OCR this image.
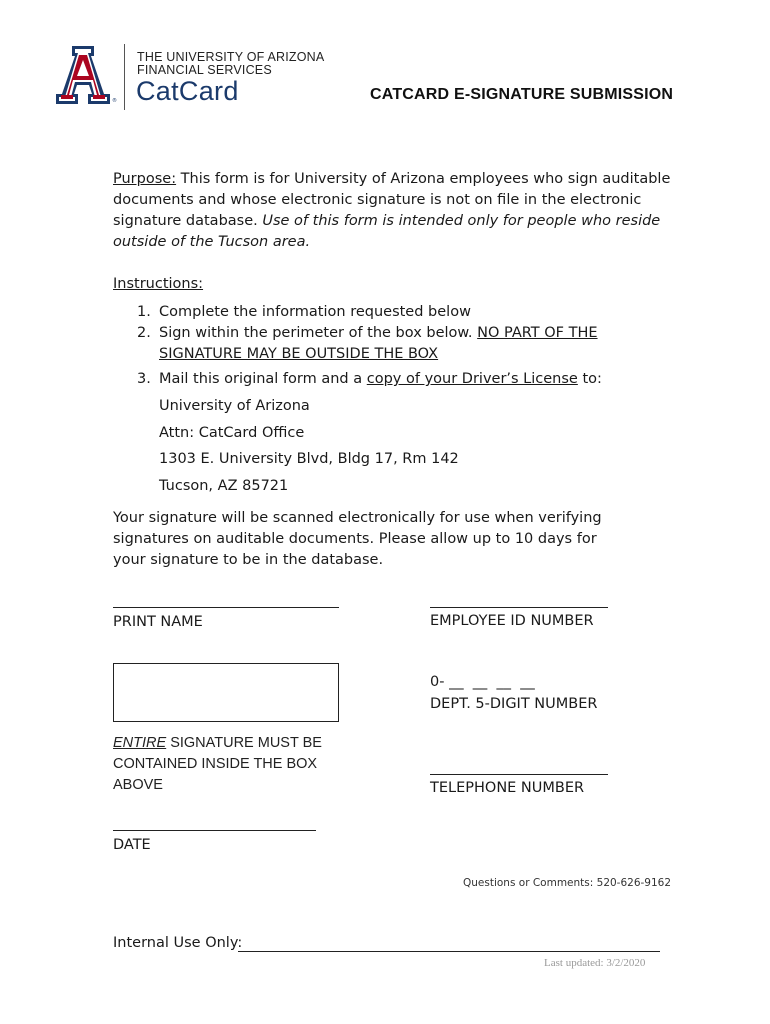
®
THE UNIVERSITY OF ARIZONA
FINANCIAL SERVICES
CatCard	CATCARD E-SIGNATURE SUBMISSION
Purpose: This form is for University of Arizona employees who sign auditable documents and whose electronic signature is not on file in the electronic signature database. Use of this form is intended only for people who reside outside of the Tucson area.
Instructions:
1. Complete the information requested below
2. Sign within the perimeter of the box below. NO PART OF THE SIGNATURE MAY BE OUTSIDE THE BOX
3. Mail this original form and a copy of your Driver’s License to:
University of Arizona
Attn: CatCard Office
1303 E. University Blvd, Bldg 17, Rm 142
Tucson, AZ 85721
Your signature will be scanned electronically for use when verifying signatures on auditable documents. Please allow up to 10 days for your signature to be in the database.
PRINT NAME	EMPLOYEE ID NUMBER
ENTIRE SIGNATURE MUST BE CONTAINED INSIDE THE BOX ABOVE
0- __  __  __  __
DEPT. 5-DIGIT NUMBER
TELEPHONE NUMBER
DATE
Questions or Comments: 520-626-9162
Internal Use Only:
Last updated: 3/2/2020
